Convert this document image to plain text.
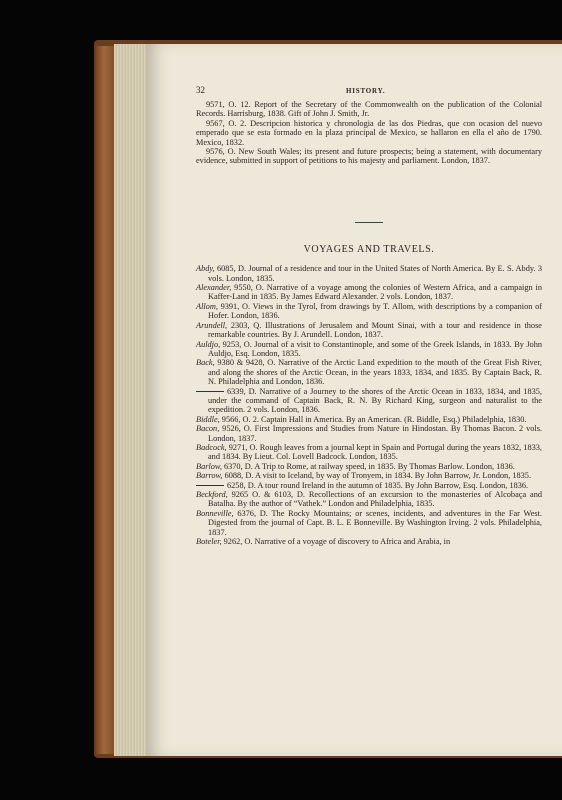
32	HISTORY.

9571, O. 12. Report of the Secretary of the Commonwealth on the publication of the Colonial Records. Harrisburg, 1838. Gift of John J. Smith, Jr.

9567, O. 2. Descripcion historica y chronologia de las dos Piedras, que con ocasion del nuevo emperado que se esta formado en la plaza principal de Mexico, se hallaron en ella el año de 1790. Mexico, 1832.

9576, O. New South Wales; its present and future prospects; being a statement, with documentary evidence, submitted in support of petitions to his majesty and parliament. London, 1837.

VOYAGES AND TRAVELS.

Abdy, 6085, D. Journal of a residence and tour in the United States of North America. By E. S. Abdy. 3 vols. London, 1835.

Alexander, 9550, O. Narrative of a voyage among the colonies of Western Africa, and a campaign in Kaffer-Land in 1835. By James Edward Alexander. 2 vols. London, 1837.

Allom, 9391, O. Views in the Tyrol, from drawings by T. Allom, with descriptions by a companion of Hofer. London, 1836.

Arundell, 2303, Q. Illustrations of Jerusalem and Mount Sinai, with a tour and residence in those remarkable countries. By J. Arundell. London, 1837.

Auldjo, 9253, O. Journal of a visit to Constantinople, and some of the Greek Islands, in 1833. By John Auldjo, Esq. London, 1835.

Back, 9380 & 9428, O. Narrative of the Arctic Land expedition to the mouth of the Great Fish River, and along the shores of the Arctic Ocean, in the years 1833, 1834, and 1835. By Captain Back, R. N. Philadelphia and London, 1836.

6339, D. Narrative of a Journey to the shores of the Arctic Ocean in 1833, 1834, and 1835, under the command of Captain Back, R. N. By Richard King, surgeon and naturalist to the expedition. 2 vols. London, 1836.

Biddle, 9566, O. 2. Captain Hall in America. By an American. (R. Biddle, Esq.) Philadelphia, 1830.

Bacon, 9526, O. First Impressions and Studies from Nature in Hindostan. By Thomas Bacon. 2 vols. London, 1837.

Badcock, 9271, O. Rough leaves from a journal kept in Spain and Portugal during the years 1832, 1833, and 1834. By Lieut. Col. Lovell Badcock. London, 1835.

Barlow, 6370, D. A Trip to Rome, at railway speed, in 1835. By Thomas Barlow. London, 1836.

Barrow, 6088, D. A visit to Iceland, by way of Tronyem, in 1834. By John Barrow, Jr. London, 1835.

6258, D. A tour round Ireland in the autumn of 1835. By John Barrow, Esq. London, 1836.

Beckford, 9265 O. & 6103, D. Recollections of an excursion to the monasteries of Alcobaça and Batalha. By the author of “Vathek.” London and Philadelphia, 1835.

Bonneville, 6376, D. The Rocky Mountains; or scenes, incidents, and adventures in the Far West. Digested from the journal of Capt. B. L. E Bonneville. By Washington Irving. 2 vols. Philadelphia, 1837.

Boteler, 9262, O. Narrative of a voyage of discovery to Africa and Arabia, in
